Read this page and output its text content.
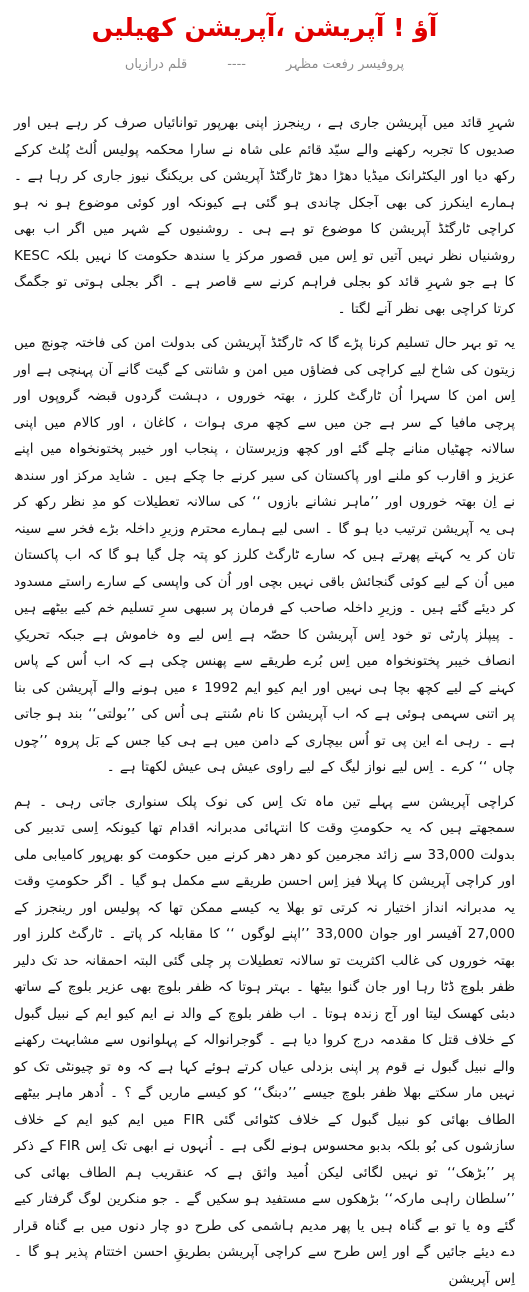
آؤ ! آپریشن ،آپریشن کھیلیں
پروفیسر رفعت مظہر
----
قلم درازیاں

شہرِ قائد میں آپریشن جاری ہے ، رینجرز اپنی بھرپور توانائیاں صرف کر رہے ہیں اور صدیوں کا تجربہ رکھنے والے سیّد قائم علی شاہ نے سارا محکمہ پولیس اُلٹ پُلٹ کرکے رکھ دیا اور الیکٹرانک میڈیا دھڑا دھڑ ٹارگٹڈ آپریشن کی بریکنگ نیوز جاری کر رہا ہے ۔ ہمارے اینکرز کی بھی آجکل چاندی ہو گئی ہے کیونکہ اور کوئی موضوع ہو نہ ہو کراچی ٹارگٹڈ آپریشن کا موضوع تو ہے ہی ۔ روشنیوں کے شہر میں اگر اب بھی روشنیاں نظر نہیں آتیں تو اِس میں قصور مرکز یا سندھ حکومت کا نہیں بلکہ KESC کا ہے جو شہرِ قائد کو بجلی فراہم کرنے سے قاصر ہے ۔ اگر بجلی ہوتی تو جگمگ کرتا کراچی بھی نظر آنے لگتا ۔

یہ تو بہر حال تسلیم کرنا پڑے گا کہ ٹارگٹڈ آپریشن کی بدولت امن کی فاختہ چونچ میں زیتون کی شاخ لیے کراچی کی فضاؤں میں امن و شانتی کے گیت گانے آن پہنچی ہے اور اِس امن کا سہرا اُن ٹارگٹ کلرز ، بھتہ خوروں ، دہشت گردوں قبضہ گروپوں اور پرچی مافیا کے سر ہے جن میں سے کچھ مری ہوات ، کاغان ، اور کالام میں اپنی سالانہ چھٹیاں منانے چلے گئے اور کچھ وزیرستان ، پنجاب اور خیبر پختونخواہ میں اپنے عزیز و اقارب کو ملنے اور پاکستان کی سیر کرنے جا چکے ہیں ۔ شاید مرکز اور سندھ نے اِن بھتہ خوروں اور ’’ماہر نشانے بازوں ‘‘ کی سالانہ تعطیلات کو مدِ نظر رکھ کر ہی یہ آپریشن ترتیب دیا ہو گا ۔ اسی لیے ہمارے محترم وزیرِ داخلہ بڑے فخر سے سینہ تان کر یہ کہتے پھرتے ہیں کہ سارے ٹارگٹ کلرز کو پتہ چل گیا ہو گا کہ اب پاکستان میں اُن کے لیے کوئی گنجائش باقی نہیں بچی اور اُن کی واپسی کے سارے راستے مسدود کر دیئے گئے ہیں ۔ وزیرِ داخلہ صاحب کے فرمان پر سبھی سرِ تسلیم خم کیے بیٹھے ہیں ۔ پیپلز پارٹی تو خود اِس آپریشن کا حصّہ ہے اِس لیے وہ خاموش ہے جبکہ تحریکِ انصاف خیبر پختونخواہ میں اِس بُرے طریقے سے پھنس چکی ہے کہ اب اُس کے پاس کہنے کے لیے کچھ بچا ہی نہیں اور ایم کیو ایم 1992 ء میں ہونے والے آپریشن کی بنا پر اتنی سہمی ہوئی ہے کہ اب آپریشن کا نام سُنتے ہی اُس کی ’’بولتی‘‘ بند ہو جاتی ہے ۔ رہی اے این پی تو اُس بیچاری کے دامن میں ہے ہی کیا جس کے بَل پروہ ’’چوں چاں ‘‘ کرے ۔ اِس لیے نواز لیگ کے لیے راوی عیش ہی عیش لکھتا ہے ۔

کراچی آپریشن سے پہلے تین ماہ تک اِس کی نوک پلک سنواری جاتی رہی ۔ ہم سمجھتے ہیں کہ یہ حکومتِ وقت کا انتہائی مدبرانہ اقدام تھا کیونکہ اِسی تدبیر کی بدولت 33,000 سے زائد مجرمین کو دھر دھر کرنے میں حکومت کو بھرپور کامیابی ملی اور کراچی آپریشن کا پہلا فیز اِس احسن طریقے سے مکمل ہو گیا ۔ اگر حکومتِ وقت یہ مدبرانہ انداز اختیار نہ کرتی تو بھلا یہ کیسے ممکن تھا کہ پولیس اور رینجرز کے 27,000 آفیسر اور جوان 33,000 ’’اپنے لوگوں ‘‘ کا مقابلہ کر پاتے ۔ ٹارگٹ کلرز اور بھتہ خوروں کی غالب اکثریت تو سالانہ تعطیلات پر چلی گئی البتہ احمقانہ حد تک دلیر ظفر بلوچ ڈٹا رہا اور جان گنوا بیٹھا ۔ بہتر ہوتا کہ ظفر بلوچ بھی عزیر بلوچ کے ساتھ دبئی کھسک لیتا اور آج زندہ ہوتا ۔ اب ظفر بلوچ کے والد نے ایم کیو ایم کے نبیل گبول کے خلاف قتل کا مقدمہ درج کروا دیا ہے ۔ گوجرانوالہ کے پہلوانوں سے مشابہت رکھنے والے نبیل گبول نے قوم پر اپنی بزدلی عیاں کرتے ہوئے کہا ہے کہ وہ تو چیونٹی تک کو نہیں مار سکتے بھلا ظفر بلوچ جیسے ’’دبنگ‘‘ کو کیسے ماریں گے ؟ ۔ اُدھر ماہر بیٹھے الطاف بھائی کو نبیل گبول کے خلاف کٹوائی گئی FIR میں ایم کیو ایم کے خلاف سازشوں کی بُو بلکہ بدبو محسوس ہونے لگی ہے ۔ اُنہوں نے ابھی تک اِس FIR کے ذکر پر ’’بڑھک‘‘ تو نہیں لگائی لیکن اُمید واثق ہے کہ عنقریب ہم الطاف بھائی کی ’’سلطان راہی مارکہ‘‘ بڑھکوں سے مستفید ہو سکیں گے ۔ جو منکرین لوگ گرفتار کیے گئے وہ یا تو بے گناہ ہیں یا پھر مدیم ہاشمی کی طرح دو چار دنوں میں بے گناہ قرار دے دیئے جائیں گے اور اِس طرح سے کراچی آپریشن بطریقِ احسن اختتام پذیر ہو گا ۔ اِس آپریشن
